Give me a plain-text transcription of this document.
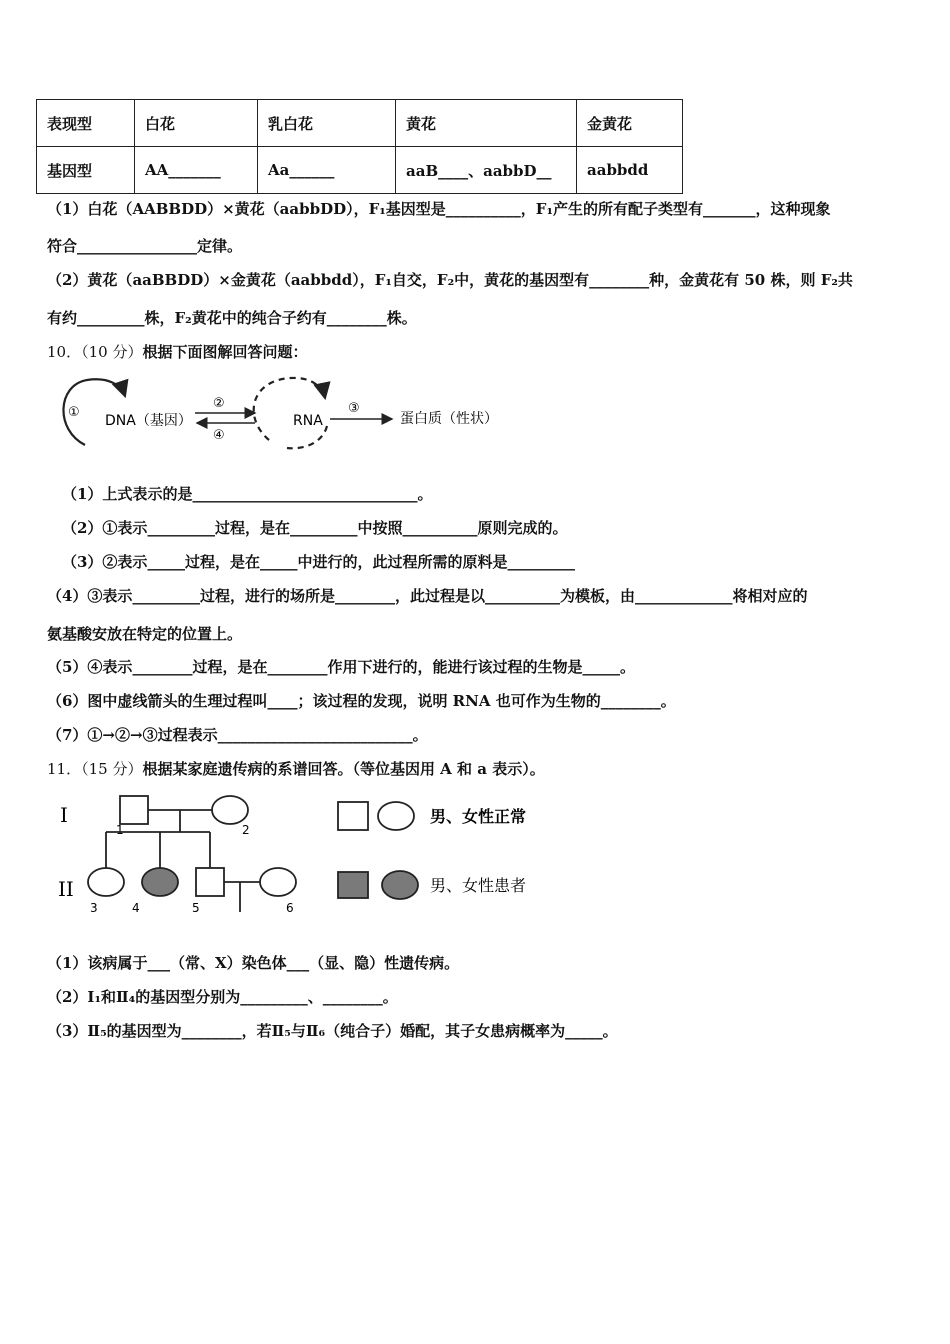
表现型	白花	乳白花	黄花	金黄花
基因型	AA_______	Aa______	aaB____、aabbD__	aabbdd
（1）白花（AABBDD）×黄花（aabbDD），F₁基因型是__________，F₁产生的所有配子类型有_______，这种现象
符合________________定律。
（2）黄花（aaBBDD）×金黄花（aabbdd），F₁自交，F₂中，黄花的基因型有________种，金黄花有 50 株，则 F₂共
有约_________株，F₂黄花中的纯合子约有________株。
10．（10 分）根据下面图解回答问题：
①
DNA（基因）
②
④
RNA
③
蛋白质（性状）
（1）上式表示的是______________________________。
（2）①表示_________过程，是在_________中按照__________原则完成的。
（3）②表示_____过程，是在_____中进行的，此过程所需的原料是_________
（4）③表示_________过程，进行的场所是________，此过程是以__________为模板，由_____________将相对应的
氨基酸安放在特定的位置上。
（5）④表示________过程，是在________作用下进行的，能进行该过程的生物是_____。
（6）图中虚线箭头的生理过程叫____；该过程的发现，说明 RNA 也可作为生物的________。
（7）①→②→③过程表示__________________________。
11．（15 分）根据某家庭遗传病的系谱回答。（等位基因用 A 和 a 表示）。
I
II
1	2
3	4	5	6
男、女性正常
男、女性患者
（1）该病属于___（常、X）染色体___（显、隐）性遗传病。
（2）Ⅰ₁和Ⅱ₄的基因型分别为_________、________。
（3）Ⅱ₅的基因型为________，若Ⅱ₅与Ⅱ₆（纯合子）婚配，其子女患病概率为_____。
